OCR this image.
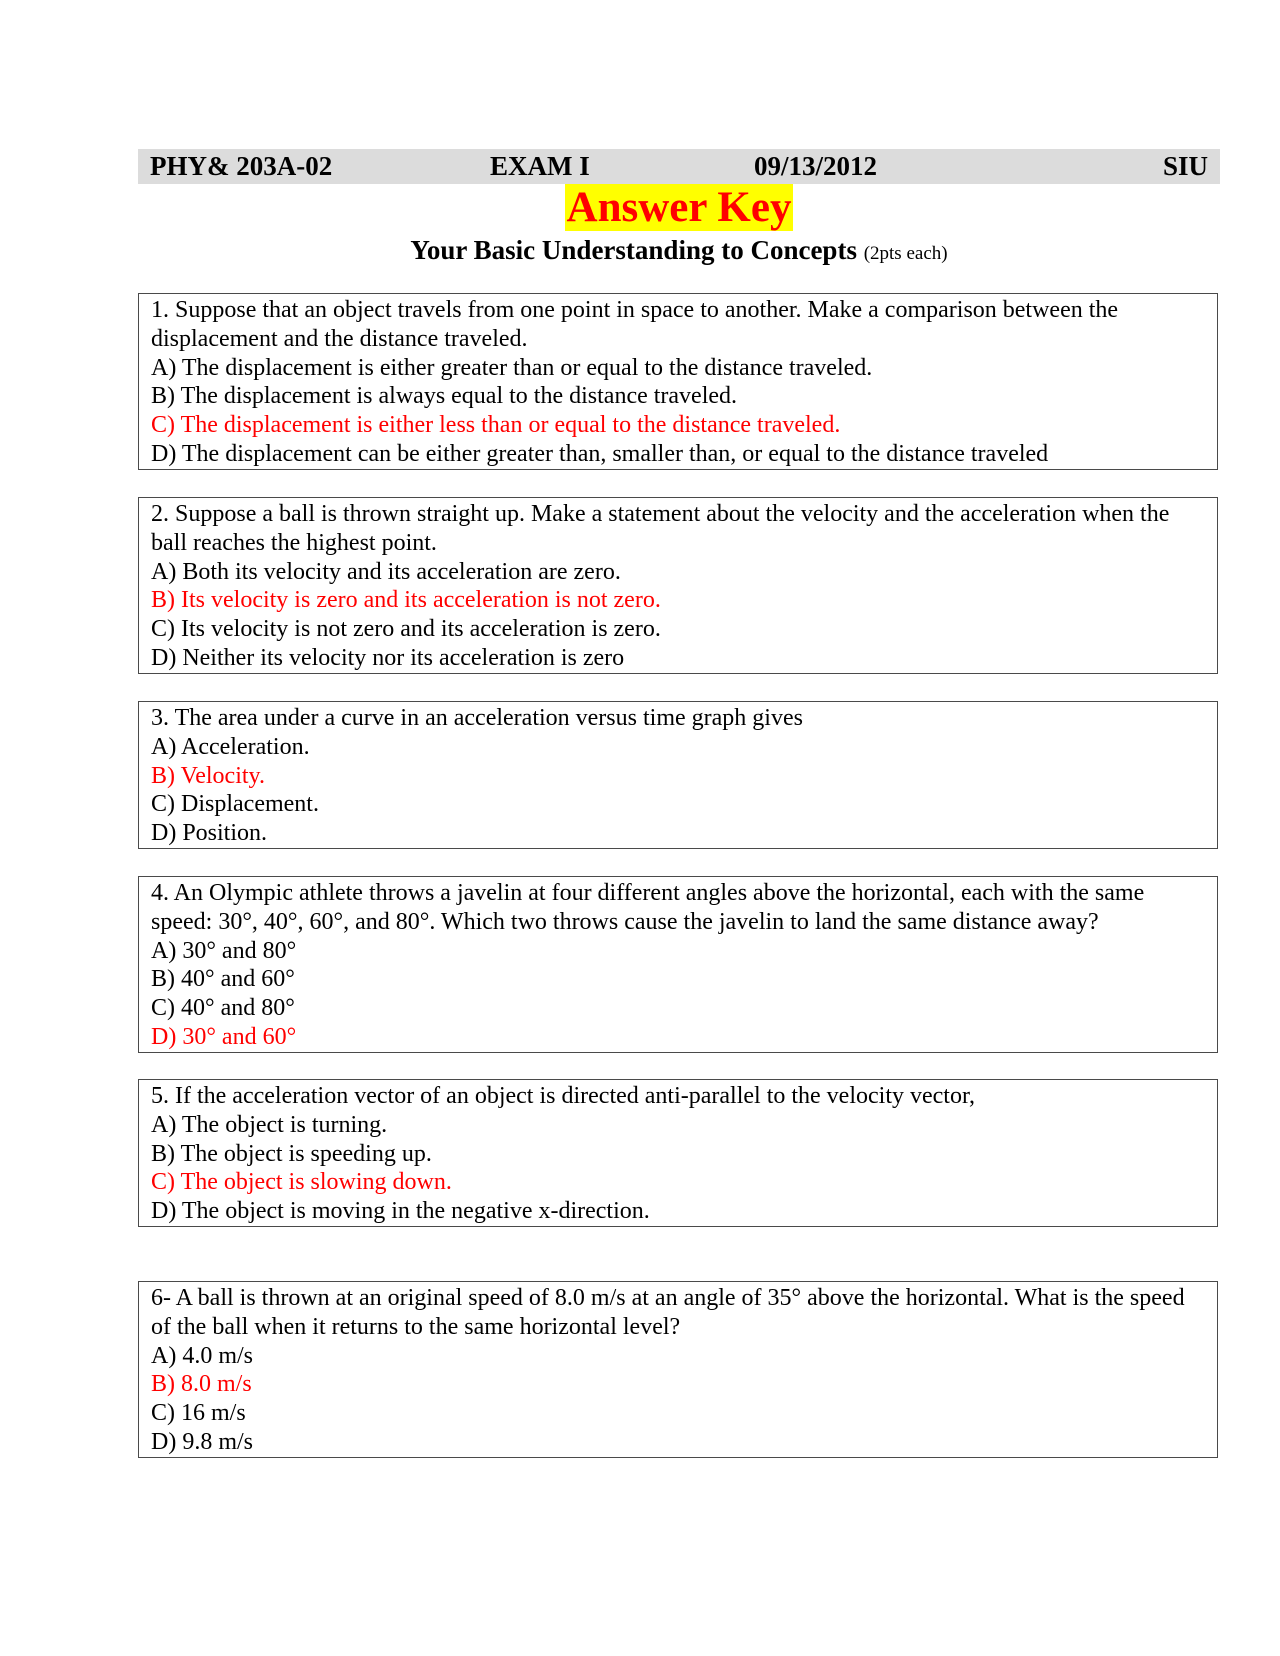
PHY& 203A-02	EXAM I	09/13/2012	SIU
Answer Key
Your Basic Understanding to Concepts (2pts each)
1. Suppose that an object travels from one point in space to another. Make a comparison between the displacement and the distance traveled.
A) The displacement is either greater than or equal to the distance traveled.
B) The displacement is always equal to the distance traveled.
C) The displacement is either less than or equal to the distance traveled.
D) The displacement can be either greater than, smaller than, or equal to the distance traveled
2. Suppose a ball is thrown straight up. Make a statement about the velocity and the acceleration when the ball reaches the highest point.
A) Both its velocity and its acceleration are zero.
B) Its velocity is zero and its acceleration is not zero.
C) Its velocity is not zero and its acceleration is zero.
D) Neither its velocity nor its acceleration is zero
3. The area under a curve in an acceleration versus time graph gives
A) Acceleration.
B) Velocity.
C) Displacement.
D) Position.
4. An Olympic athlete throws a javelin at four different angles above the horizontal, each with the same speed: 30°, 40°, 60°, and 80°. Which two throws cause the javelin to land the same distance away?
A) 30° and 80°
B) 40° and 60°
C) 40° and 80°
D) 30° and 60°
5. If the acceleration vector of an object is directed anti-parallel to the velocity vector,
A) The object is turning.
B) The object is speeding up.
C) The object is slowing down.
D) The object is moving in the negative x-direction.
6- A ball is thrown at an original speed of 8.0 m/s at an angle of 35° above the horizontal. What is the speed of the ball when it returns to the same horizontal level?
A) 4.0 m/s
B) 8.0 m/s
C) 16 m/s
D) 9.8 m/s
